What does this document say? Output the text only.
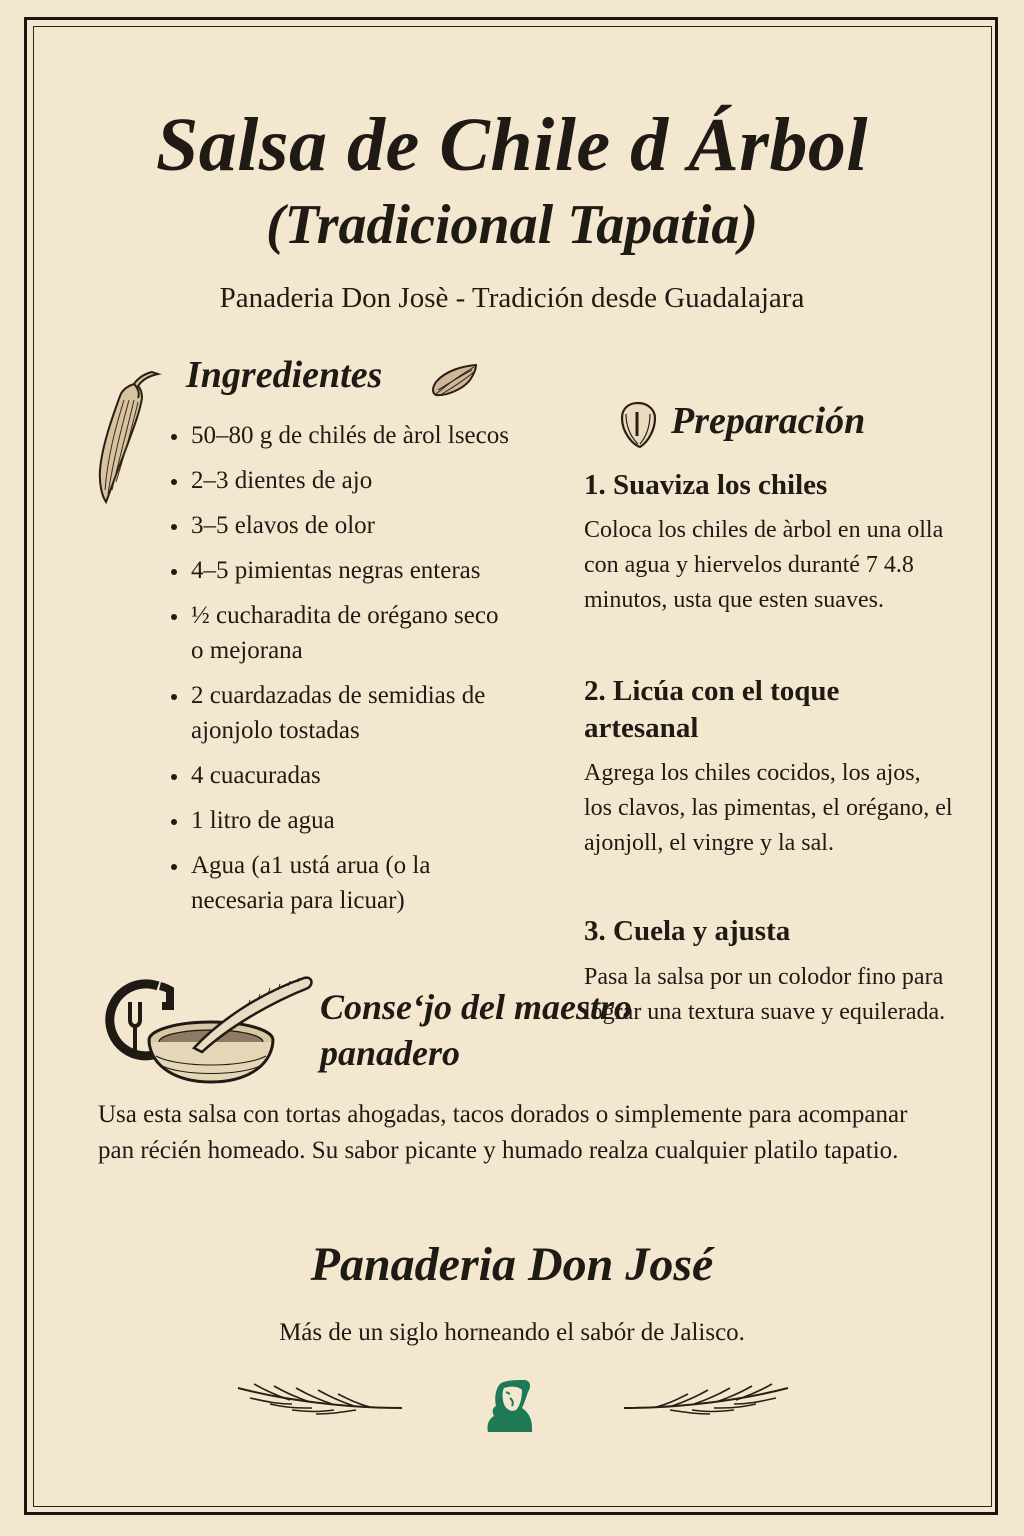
Salsa de Chile d Árbol
(Tradicional Tapatia)
Panaderia Don Josè - Tradición desde Guadalajara
Ingredientes
50–80 g de chilés de àrol lsecos
2–3 dientes de ajo
3–5 elavos de olor
4–5 pimientas negras enteras
½ cucharadita de orégano seco o mejorana
2 cuardazadas de semidias de ajonjolo tostadas
4 cuacuradas
1 litro de agua
Agua (a1 ustá arua (o la necesaria para licuar)
Preparación
1. Suaviza los chiles
Coloca los chiles de àrbol en una olla con agua y hiervelos duranté 7 4.8 minutos, usta que esten suaves.
2. Licúa con el toque artesanal
Agrega los chiles cocidos, los ajos, los clavos, las pimentas, el orégano, el ajonjoll, el vingre y la sal.
3. Cuela y ajusta
Pasa la salsa por un colodor fino para lograr una textura suave y equilerada.
Conse‘jo del maestro panadero
Usa esta salsa con tortas ahogadas, tacos dorados o simplemente para acompanar pan récién homeado. Su sabor picante y humado realza cualquier platilo tapatio.
Panaderia Don José
Más de un siglo horneando el sabór de Jalisco.
